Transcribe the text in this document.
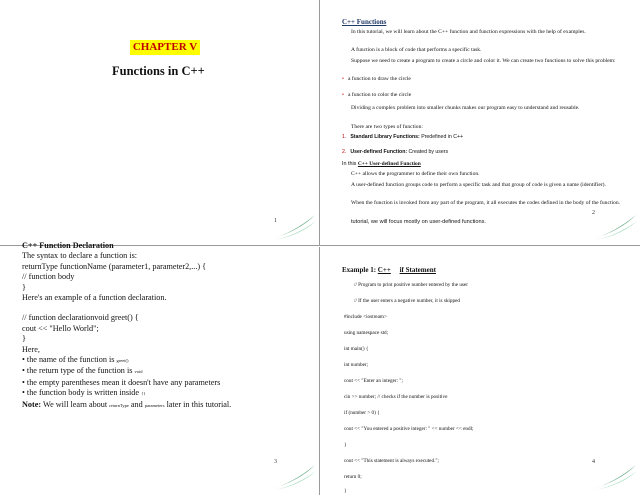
CHAPTER V
Functions in C++
1
C++ Functions
In this tutorial, we will learn about the C++ function and function expressions with the help of examples.
A function is a block of code that performs a specific task.
Suppose we need to create a program to create a circle and color it. We can create two functions to solve this problem:
• a function to draw the circle
• a function to color the circle
Dividing a complex problem into smaller chunks makes our program easy to understand and reusable.
There are two types of function:
1. Standard Library Functions: Predefined in C++
2. User-defined Function: Created by users
In this C++ User-defined Function
C++ allows the programmer to define their own function.
A user-defined function groups code to perform a specific task and that group of code is given a name (identifier).
When the function is invoked from any part of the program, it all executes the codes defined in the body of the function.
tutorial, we will focus mostly on user-defined functions.
2
3
C++ Function Declaration
The syntax to declare a function is:
returnType functionName (parameter1, parameter2,...) {
// function body
}
Here's an example of a function declaration.
// function declarationvoid greet() {
cout << "Hello World";
}
Here,
• the name of the function is greet()
• the return type of the function is void
• the empty parentheses mean it doesn't have any parameters
• the function body is written inside {}
Note: We will learn about returnType and parameters later in this tutorial.
Example 1: C++ if Statement
// Program to print positive number entered by the user
// If the user enters a negative number, it is skipped
#include <iostream>
using namespace std;
int main() {
int number;
cout << "Enter an integer: ";
cin >> number; // checks if the number is positive
if (number > 0) {
cout << "You entered a positive integer: " << number << endl;
}
cout << "This statement is always executed.";
return 0;
}
4
